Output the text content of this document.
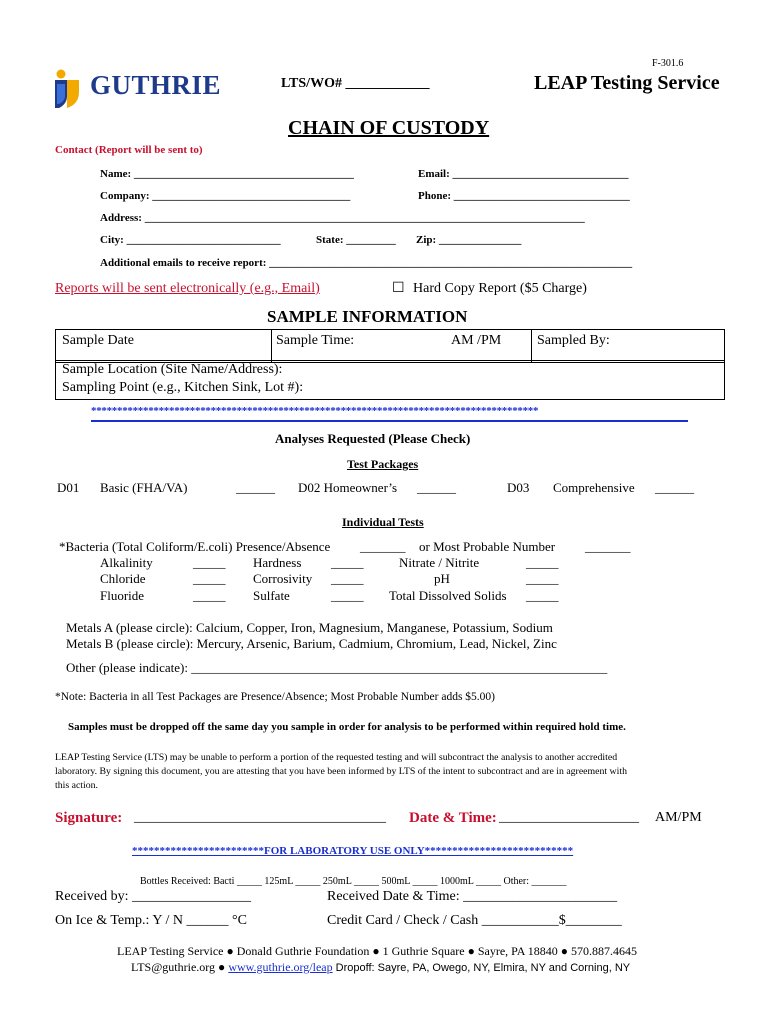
F-301.6
GUTHRIE	LTS/WO# ____________	LEAP Testing Service
CHAIN OF CUSTODY
Contact (Report will be sent to)
Name: ________________________________________	Email: ________________________________
Company: ____________________________________	Phone: ________________________________
Address: ________________________________________________________________________________
City: ____________________________	State: _________ Zip: _______________
Additional emails to receive report: __________________________________________________________________
Reports will be sent electronically (e.g., Email)	☐ Hard Copy Report ($5 Charge)
SAMPLE INFORMATION
Sample Date	Sample Time:	AM /PM	Sampled By:
Sample Location (Site Name/Address):
Sampling Point (e.g., Kitchen Sink, Lot #):
**************************************************************************************
Analyses Requested (Please Check)
Test Packages
D01 Basic (FHA/VA)	______ D02 Homeowner’s ______	D03 Comprehensive ______
Individual Tests
*Bacteria (Total Coliform/E.coli) Presence/Absence _______ or Most Probable Number _______
Alkalinity	_____ Hardness _____	Nitrate / Nitrite	_____
Chloride	_____ Corrosivity _____	pH	_____
Fluoride	_____ Sulfate	_____ Total Dissolved Solids _____
Metals A (please circle): Calcium, Copper, Iron, Magnesium, Manganese, Potassium, Sodium
Metals B (please circle): Mercury, Arsenic, Barium, Cadmium, Chromium, Lead, Nickel, Zinc
Other (please indicate): ________________________________________________________________
*Note: Bacteria in all Test Packages are Presence/Absence; Most Probable Number adds $5.00)
Samples must be dropped off the same day you sample in order for analysis to be performed within required hold time.
LEAP Testing Service (LTS) may be unable to perform a portion of the requested testing and will subcontract the analysis to another accredited
laboratory. By signing this document, you are attesting that you have been informed by LTS of the intent to subcontract and are in agreement with
this action.
Signature: ____________________________________ Date & Time: ____________________ AM/PM
************************FOR LABORATORY USE ONLY***************************
Bottles Received: Bacti _____ 125mL _____ 250mL _____ 500mL _____ 1000mL _____ Other: _______
Received by: _________________	Received Date & Time: ______________________
On Ice & Temp.: Y / N ______ °C	Credit Card / Check / Cash ___________$________
LEAP Testing Service ● Donald Guthrie Foundation ● 1 Guthrie Square ● Sayre, PA 18840 ● 570.887.4645
LTS@guthrie.org ● www.guthrie.org/leap Dropoff: Sayre, PA, Owego, NY, Elmira, NY and Corning, NY
